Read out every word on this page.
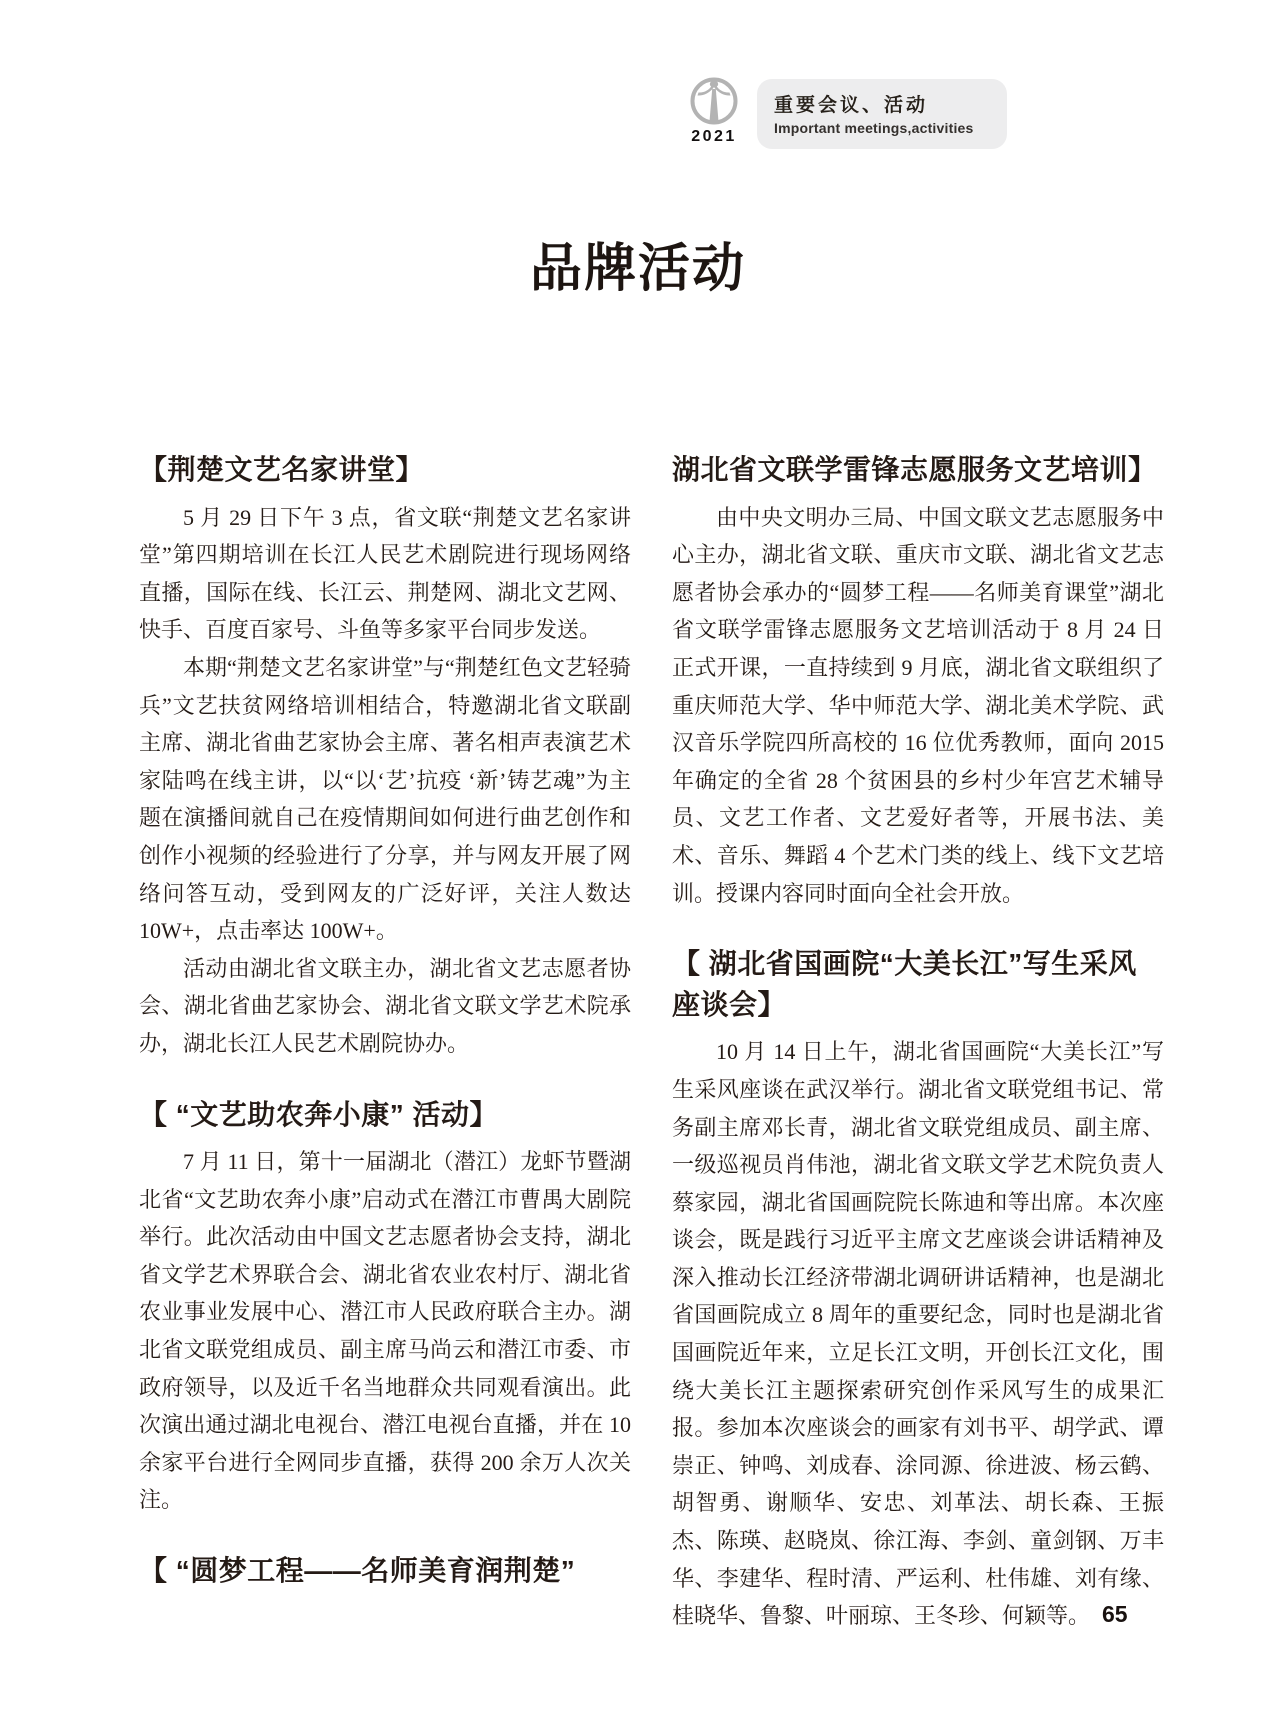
2021
重要会议、活动
Important meetings,activities
品牌活动
【荆楚文艺名家讲堂】

5 月 29 日下午 3 点，省文联“荆楚文艺名家讲堂”第四期培训在长江人民艺术剧院进行现场网络直播，国际在线、长江云、荆楚网、湖北文艺网、快手、百度百家号、斗鱼等多家平台同步发送。

本期“荆楚文艺名家讲堂”与“荆楚红色文艺轻骑兵”文艺扶贫网络培训相结合，特邀湖北省文联副主席、湖北省曲艺家协会主席、著名相声表演艺术家陆鸣在线主讲，以“以‘艺’抗疫 ‘新’铸艺魂”为主题在演播间就自己在疫情期间如何进行曲艺创作和创作小视频的经验进行了分享，并与网友开展了网络问答互动，受到网友的广泛好评，关注人数达 10W+，点击率达 100W+。

活动由湖北省文联主办，湖北省文艺志愿者协会、湖北省曲艺家协会、湖北省文联文学艺术院承办，湖北长江人民艺术剧院协办。

【 “文艺助农奔小康” 活动】

7 月 11 日，第十一届湖北（潜江）龙虾节暨湖北省“文艺助农奔小康”启动式在潜江市曹禺大剧院举行。此次活动由中国文艺志愿者协会支持，湖北省文学艺术界联合会、湖北省农业农村厅、湖北省农业事业发展中心、潜江市人民政府联合主办。湖北省文联党组成员、副主席马尚云和潜江市委、市政府领导，以及近千名当地群众共同观看演出。此次演出通过湖北电视台、潜江电视台直播，并在 10 余家平台进行全网同步直播，获得 200 余万人次关注。

【 “圆梦工程——名师美育润荆楚”
湖北省文联学雷锋志愿服务文艺培训】

由中央文明办三局、中国文联文艺志愿服务中心主办，湖北省文联、重庆市文联、湖北省文艺志愿者协会承办的“圆梦工程——名师美育课堂”湖北省文联学雷锋志愿服务文艺培训活动于 8 月 24 日正式开课，一直持续到 9 月底，湖北省文联组织了重庆师范大学、华中师范大学、湖北美术学院、武汉音乐学院四所高校的 16 位优秀教师，面向 2015 年确定的全省 28 个贫困县的乡村少年宫艺术辅导员、文艺工作者、文艺爱好者等，开展书法、美术、音乐、舞蹈 4 个艺术门类的线上、线下文艺培训。授课内容同时面向全社会开放。

【 湖北省国画院“大美长江”写生采风座谈会】

10 月 14 日上午，湖北省国画院“大美长江”写生采风座谈在武汉举行。湖北省文联党组书记、常务副主席邓长青，湖北省文联党组成员、副主席、一级巡视员肖伟池，湖北省文联文学艺术院负责人蔡家园，湖北省国画院院长陈迪和等出席。本次座谈会，既是践行习近平主席文艺座谈会讲话精神及深入推动长江经济带湖北调研讲话精神，也是湖北省国画院成立 8 周年的重要纪念，同时也是湖北省国画院近年来，立足长江文明，开创长江文化，围绕大美长江主题探索研究创作采风写生的成果汇报。参加本次座谈会的画家有刘书平、胡学武、谭崇正、钟鸣、刘成春、涂同源、徐进波、杨云鹤、胡智勇、谢顺华、安忠、刘革法、胡长森、王振杰、陈瑛、赵晓岚、徐江海、李剑、童剑钢、万丰华、李建华、程时清、严运利、杜伟雄、刘有缘、桂晓华、鲁黎、叶丽琼、王冬珍、何颖等。 65
